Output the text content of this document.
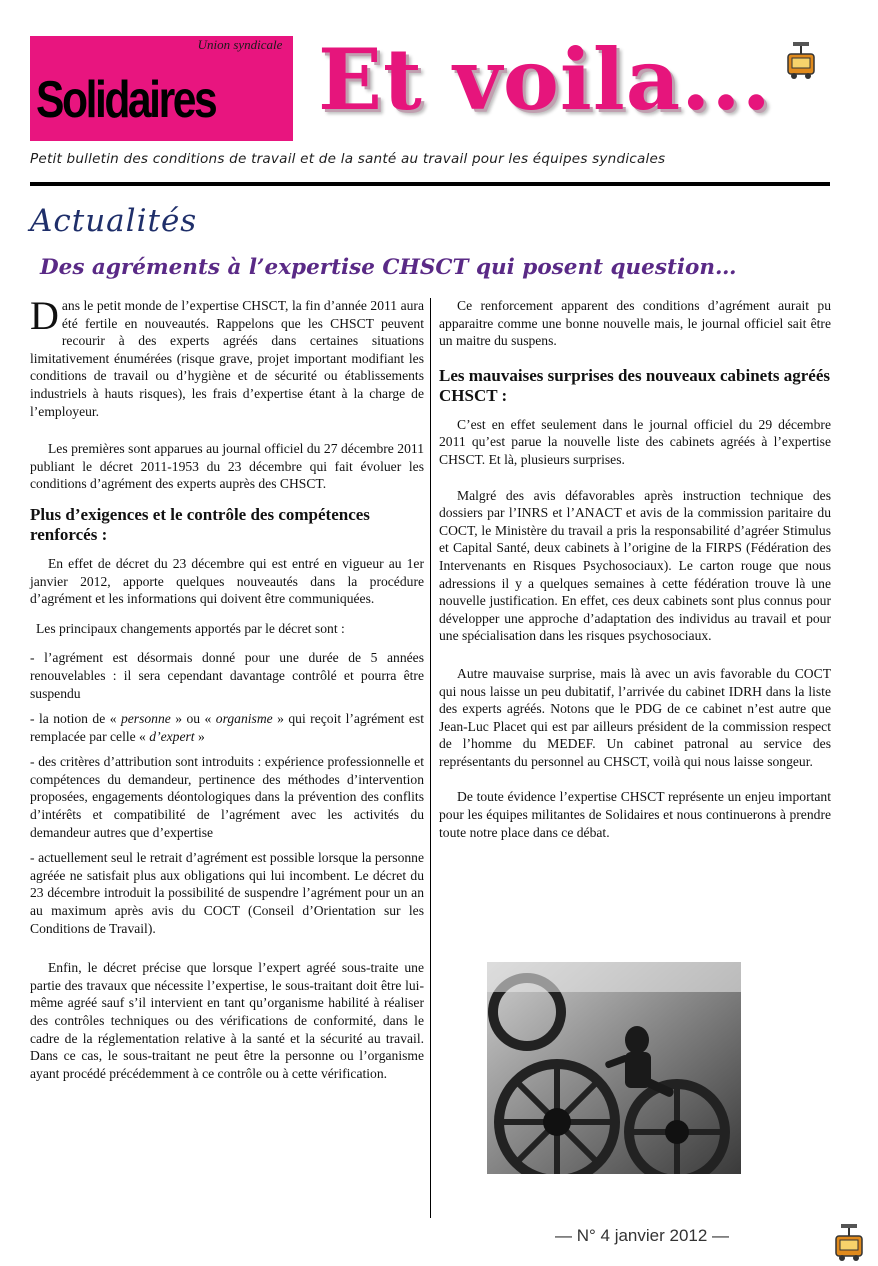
Union syndicale
Solidaires Et voila...
Petit bulletin des conditions de travail et de la santé au travail pour les équipes syndicales
Actualités
Des agréments à l’expertise CHSCT qui posent question…

Dans le petit monde de l’expertise CHSCT, la fin d’année 2011 aura été fertile en nouveautés. Rappelons que les CHSCT peuvent recourir à des experts agréés dans certaines situations limitativement énumérées (risque grave, projet important modifiant les conditions de travail ou d’hygiène et de sécurité ou établissements industriels à hauts risques), les frais d’expertise étant à la charge de l’employeur.

Les premières sont apparues au journal officiel du 27 décembre 2011 publiant le décret 2011-1953 du 23 décembre qui fait évoluer les conditions d’agrément des experts auprès des CHSCT.

Plus d’exigences et le contrôle des compétences renforcés :

En effet de décret du 23 décembre qui est entré en vigueur au 1er janvier 2012, apporte quelques nouveautés dans la procédure d’agrément et les informations qui doivent être communiquées.

Les principaux changements apportés par le décret sont :

- l’agrément est désormais donné pour une durée de 5 années renouvelables : il sera cependant davantage contrôlé et pourra être suspendu

- la notion de « personne » ou « organisme » qui reçoit l’agrément est remplacée par celle « d’expert »

- des critères d’attribution sont introduits : expérience professionnelle et compétences du demandeur, pertinence des méthodes d’intervention proposées, engagements déontologiques dans la prévention des conflits d’intérêts et compatibilité de l’agrément avec les activités du demandeur autres que d’expertise

- actuellement seul le retrait d’agrément est possible lorsque la personne agréée ne satisfait plus aux obligations qui lui incombent. Le décret du 23 décembre introduit la possibilité de suspendre l’agrément pour un an au maximum après avis du COCT (Conseil d’Orientation sur les Conditions de Travail).

Enfin, le décret précise que lorsque l’expert agréé sous-traite une partie des travaux que nécessite l’expertise, le sous-traitant doit être lui-même agréé sauf s’il intervient en tant qu’organisme habilité à réaliser des contrôles techniques ou des vérifications de conformité, dans le cadre de la réglementation relative à la santé et la sécurité au travail. Dans ce cas, le sous-traitant ne peut être la personne ou l’organisme ayant procédé précédemment à ce contrôle ou à cette vérification.

Ce renforcement apparent des conditions d’agrément aurait pu apparaitre comme une bonne nouvelle mais, le journal officiel sait être un maitre du suspens.

Les mauvaises surprises des nouveaux cabinets agréés CHSCT :

C’est en effet seulement dans le journal officiel du 29 décembre 2011 qu’est parue la nouvelle liste des cabinets agréés à l’expertise CHSCT. Et là, plusieurs surprises.

Malgré des avis défavorables après instruction technique des dossiers par l’INRS et l’ANACT et avis de la commission paritaire du COCT, le Ministère du travail a pris la responsabilité d’agréer Stimulus et Capital Santé, deux cabinets à l’origine de la FIRPS (Fédération des Intervenants en Risques Psychosociaux). Le carton rouge que nous adressions il y a quelques semaines à cette fédération trouve là une nouvelle justification. En effet, ces deux cabinets sont plus connus pour développer une approche d’adaptation des individus au travail et pour une spécialisation dans les risques psychosociaux.

Autre mauvaise surprise, mais là avec un avis favorable du COCT qui nous laisse un peu dubitatif, l’arrivée du cabinet IDRH dans la liste des experts agréés. Notons que le PDG de ce cabinet n’est autre que Jean-Luc Placet qui est par ailleurs président de la commission respect de l’homme du MEDEF. Un cabinet patronal au service des représentants du personnel au CHSCT, voilà qui nous laisse songeur.

De toute évidence l’expertise CHSCT représente un enjeu important pour les équipes militantes de Solidaires et nous continuerons à prendre toute notre place dans ce débat.

— N° 4 janvier 2012 —
